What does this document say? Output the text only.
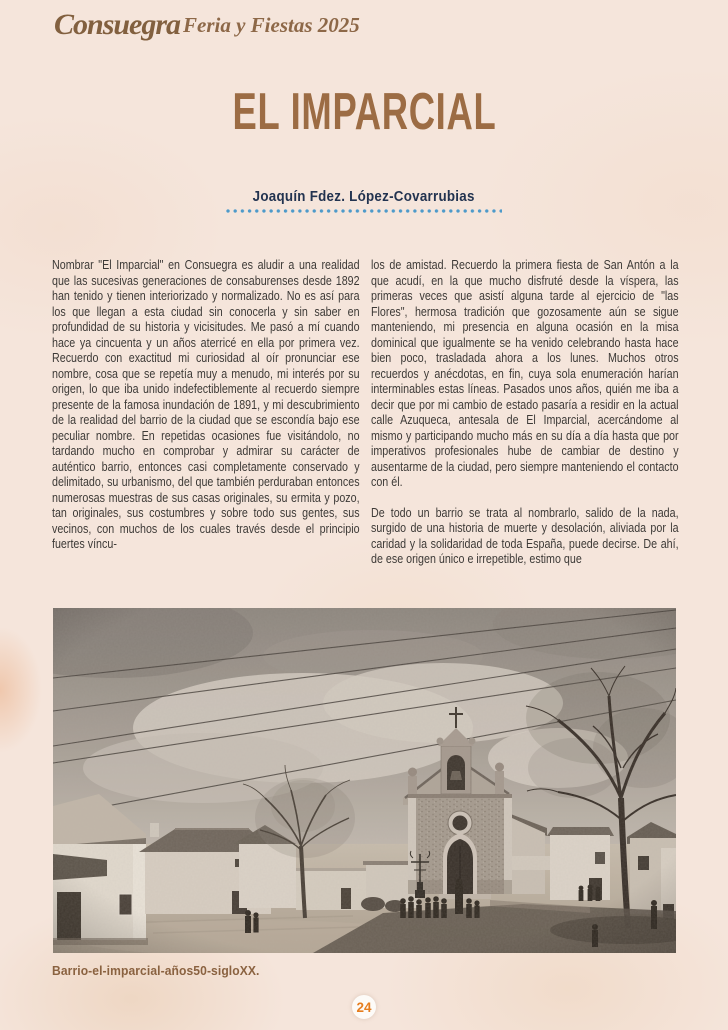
Consuegra Feria y Fiestas 2025
EL IMPARCIAL
Joaquín Fdez. López-Covarrubias

Nombrar "El Imparcial" en Consuegra es aludir a una realidad que las sucesivas generaciones de consaburenses desde 1892 han tenido y tienen interiorizado y normalizado. No es así para los que llegan a esta ciudad sin conocerla y sin saber en profundidad de su historia y vicisitudes. Me pasó a mí cuando hace ya cincuenta y un años aterricé en ella por primera vez. Recuerdo con exactitud mi curiosidad al oír pronunciar ese nombre, cosa que se repetía muy a menudo, mi interés por su origen, lo que iba unido indefectiblemente al recuerdo siempre presente de la famosa inundación de 1891, y mi descubrimiento de la realidad del barrio de la ciudad que se escondía bajo ese peculiar nombre. En repetidas ocasiones fue visitándolo, no tardando mucho en comprobar y admirar su carácter de auténtico barrio, entonces casi completamente conservado y delimitado, su urbanismo, del que también perduraban entonces numerosas muestras de sus casas originales, su ermita y pozo, tan originales, sus costumbres y sobre todo sus gentes, sus vecinos, con muchos de los cuales través desde el principio fuertes víncu-

los de amistad. Recuerdo la primera fiesta de San Antón a la que acudí, en la que mucho disfruté desde la víspera, las primeras veces que asistí alguna tarde al ejercicio de "las Flores", hermosa tradición que gozosamente aún se sigue manteniendo, mi presencia en alguna ocasión en la misa dominical que igualmente se ha venido celebrando hasta hace bien poco, trasladada ahora a los lunes. Muchos otros recuerdos y anécdotas, en fin, cuya sola enumeración harían interminables estas líneas. Pasados unos años, quién me iba a decir que por mi cambio de estado pasaría a residir en la actual calle Azuqueca, antesala de El Imparcial, acercándome al mismo y participando mucho más en su día a día hasta que por imperativos profesionales hube de cambiar de destino y ausentarme de la ciudad, pero siempre manteniendo el contacto con él.

De todo un barrio se trata al nombrarlo, salido de la nada, surgido de una historia de muerte y desolación, aliviada por la caridad y la solidaridad de toda España, puede decirse. De ahí, de ese origen único e irrepetible, estimo que

Barrio-el-imparcial-años50-sigloXX.
24
